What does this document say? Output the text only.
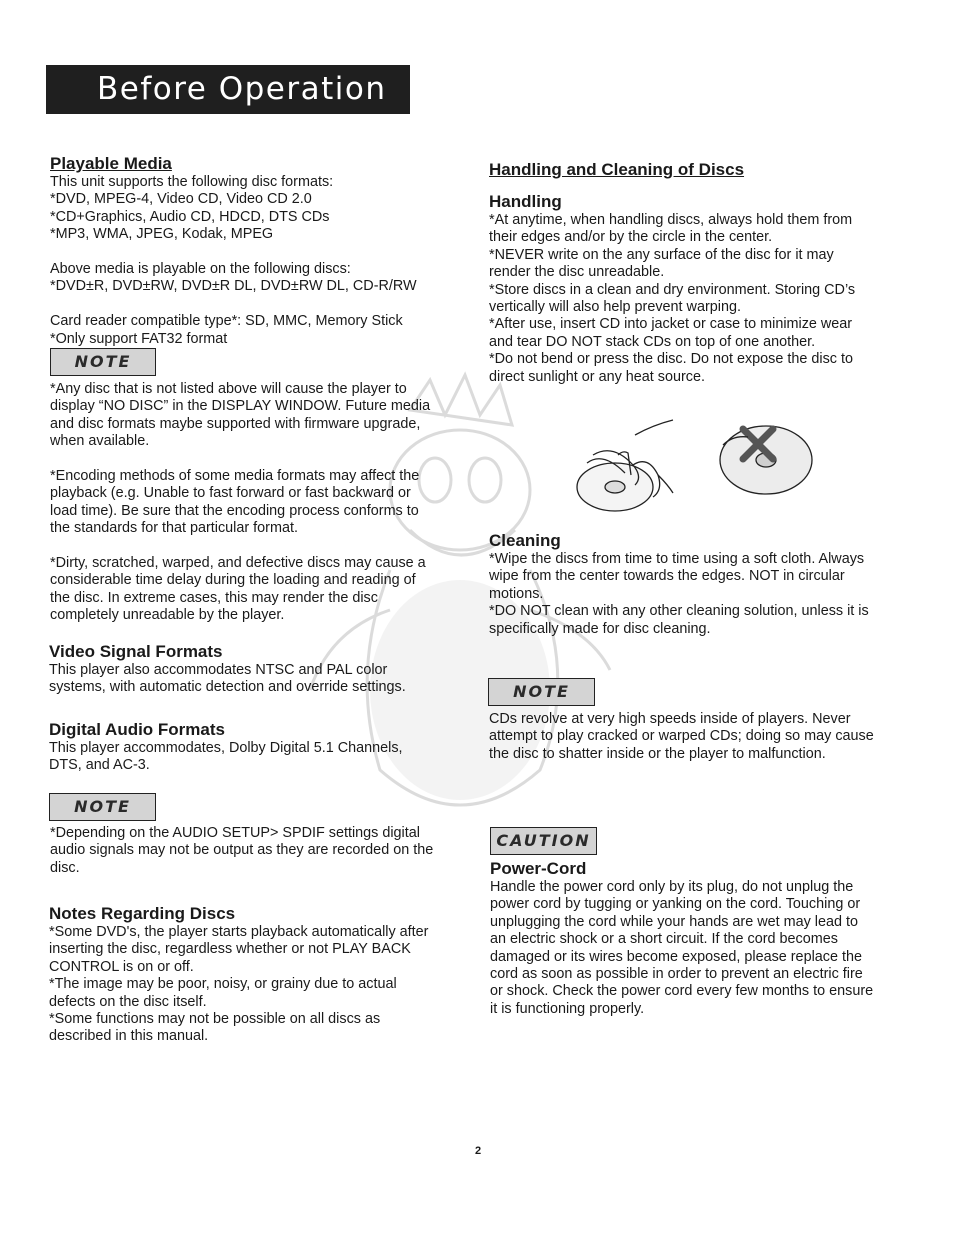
Before Operation

Playable Media

This unit supports the following disc formats:

*DVD, MPEG-4, Video CD, Video CD 2.0

*CD+Graphics, Audio CD, HDCD, DTS CDs

*MP3, WMA, JPEG, Kodak, MPEG

Above media is playable on the following discs:

*DVD±R, DVD±RW, DVD±R DL, DVD±RW DL, CD-R/RW

Card reader compatible type*: SD, MMC, Memory Stick

*Only support FAT32 format

NOTE

*Any disc that is not listed above will cause the player to

display “NO DISC” in the DISPLAY WINDOW. Future media

and disc formats maybe supported with firmware upgrade,

when available.

*Encoding methods of some media formats may affect the

playback (e.g. Unable to fast forward or fast backward or

load time). Be sure that the encoding process conforms to

the standards for that particular format.

*Dirty, scratched, warped, and defective discs may cause a

considerable time delay during the loading and reading of

the disc. In extreme cases, this may render the disc

completely unreadable by the player.

Video Signal Formats

This player also accommodates NTSC and PAL color

systems, with automatic detection and override settings.

Digital Audio Formats

This player accommodates, Dolby Digital 5.1 Channels,

DTS, and AC-3.

NOTE

*Depending on the AUDIO SETUP> SPDIF settings digital

audio signals may not be output as they are recorded on the

disc.

Notes Regarding Discs

*Some DVD's, the player starts playback automatically after

inserting the disc, regardless whether or not PLAY BACK

CONTROL is on or off.

*The image may be poor, noisy, or grainy due to actual

defects on the disc itself.

*Some functions may not be possible on all discs as

described in this manual.

Handling and Cleaning of Discs

Handling

*At anytime, when handling discs, always hold them from

their edges and/or by the circle in the center.

*NEVER write on the any surface of the disc for it may

render the disc unreadable.

*Store discs in a clean and dry environment. Storing CD’s

vertically will also help prevent warping.

*After use, insert CD into jacket or case to minimize wear

and tear DO NOT stack CDs on top of one another.

*Do not bend or press the disc. Do not expose the disc to

direct sunlight or any heat source.

Cleaning

*Wipe the discs from time to time using a soft cloth. Always

wipe from the center towards the edges. NOT in circular

motions.

*DO NOT clean with any other cleaning solution, unless it is

specifically made for disc cleaning.

NOTE

CDs revolve at very high speeds inside of players. Never

attempt to play cracked or warped CDs; doing so may cause

the disc to shatter inside or the player to malfunction.

CAUTION

Power-Cord

Handle the power cord only by its plug, do not unplug the

power cord by tugging or yanking on the cord. Touching or

unplugging the cord while your hands are wet may lead to

an electric shock or a short circuit. If the cord becomes

damaged or its wires become exposed, please replace the

cord as soon as possible in order to prevent an electric fire

or shock. Check the power cord every few months to ensure

it is functioning properly.

2
